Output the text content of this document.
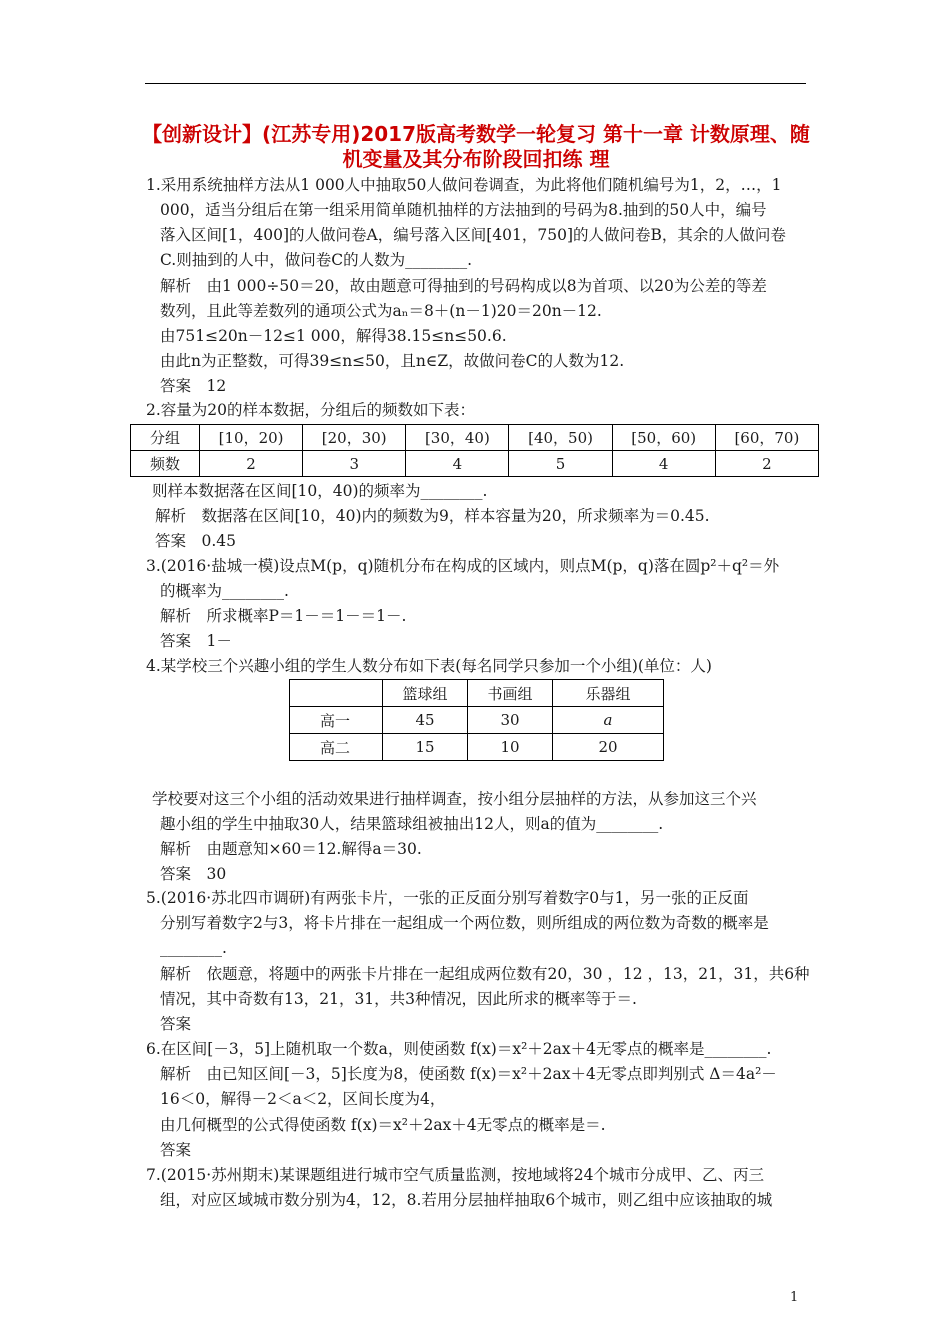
【创新设计】(江苏专用)2017版高考数学一轮复习 第十一章 计数原理、随机变量及其分布阶段回扣练 理
1.采用系统抽样方法从1 000人中抽取50人做问卷调查，为此将他们随机编号为1，2，…，1
000，适当分组后在第一组采用简单随机抽样的方法抽到的号码为8.抽到的50人中，编号
落入区间[1，400]的人做问卷A，编号落入区间[401，750]的人做问卷B，其余的人做问卷
C.则抽到的人中，做问卷C的人数为________.
解析　由1 000÷50＝20，故由题意可得抽到的号码构成以8为首项、以20为公差的等差
数列，且此等差数列的通项公式为aₙ＝8＋(n－1)20＝20n－12.
由751≤20n－12≤1 000，解得38.15≤n≤50.6.
由此n为正整数，可得39≤n≤50，且n∈Z，故做问卷C的人数为12.
答案　12
2.容量为20的样本数据，分组后的频数如下表：
分组	[10，20)	[20，30)	[30，40)	[40，50)	[50，60)	[60，70)
频数	2	3	4	5	4	2
则样本数据落在区间[10，40)的频率为________.
解析　数据落在区间[10，40)内的频数为9，样本容量为20，所求频率为＝0.45.
答案　0.45
3.(2016·盐城一模)设点M(p，q)随机分布在构成的区域内，则点M(p，q)落在圆p²＋q²＝外
的概率为________.
解析　所求概率P＝1－＝1－＝1－.
答案　1－
4.某学校三个兴趣小组的学生人数分布如下表(每名同学只参加一个小组)(单位：人)
	篮球组	书画组	乐器组
高一	45	30	a
高二	15	10	20
学校要对这三个小组的活动效果进行抽样调查，按小组分层抽样的方法，从参加这三个兴
趣小组的学生中抽取30人，结果篮球组被抽出12人，则a的值为________.
解析　由题意知×60＝12.解得a＝30.
答案　30
5.(2016·苏北四市调研)有两张卡片，一张的正反面分别写着数字0与1，另一张的正反面
分别写着数字2与3，将卡片排在一起组成一个两位数，则所组成的两位数为奇数的概率是
________.
解析　依题意，将题中的两张卡片排在一起组成两位数有20，30 ，12 ，13，21，31，共6种
情况，其中奇数有13，21，31，共3种情况，因此所求的概率等于＝.
答案
6.在区间[－3，5]上随机取一个数a，则使函数 f(x)＝x²＋2ax＋4无零点的概率是________.
解析　由已知区间[－3，5]长度为8，使函数 f(x)＝x²＋2ax＋4无零点即判别式 Δ＝4a²－
16＜0，解得－2＜a＜2，区间长度为4，
由几何概型的公式得使函数 f(x)＝x²＋2ax＋4无零点的概率是＝.
答案
7.(2015·苏州期末)某课题组进行城市空气质量监测，按地域将24个城市分成甲、乙、丙三
组，对应区域城市数分别为4，12，8.若用分层抽样抽取6个城市，则乙组中应该抽取的城
1
